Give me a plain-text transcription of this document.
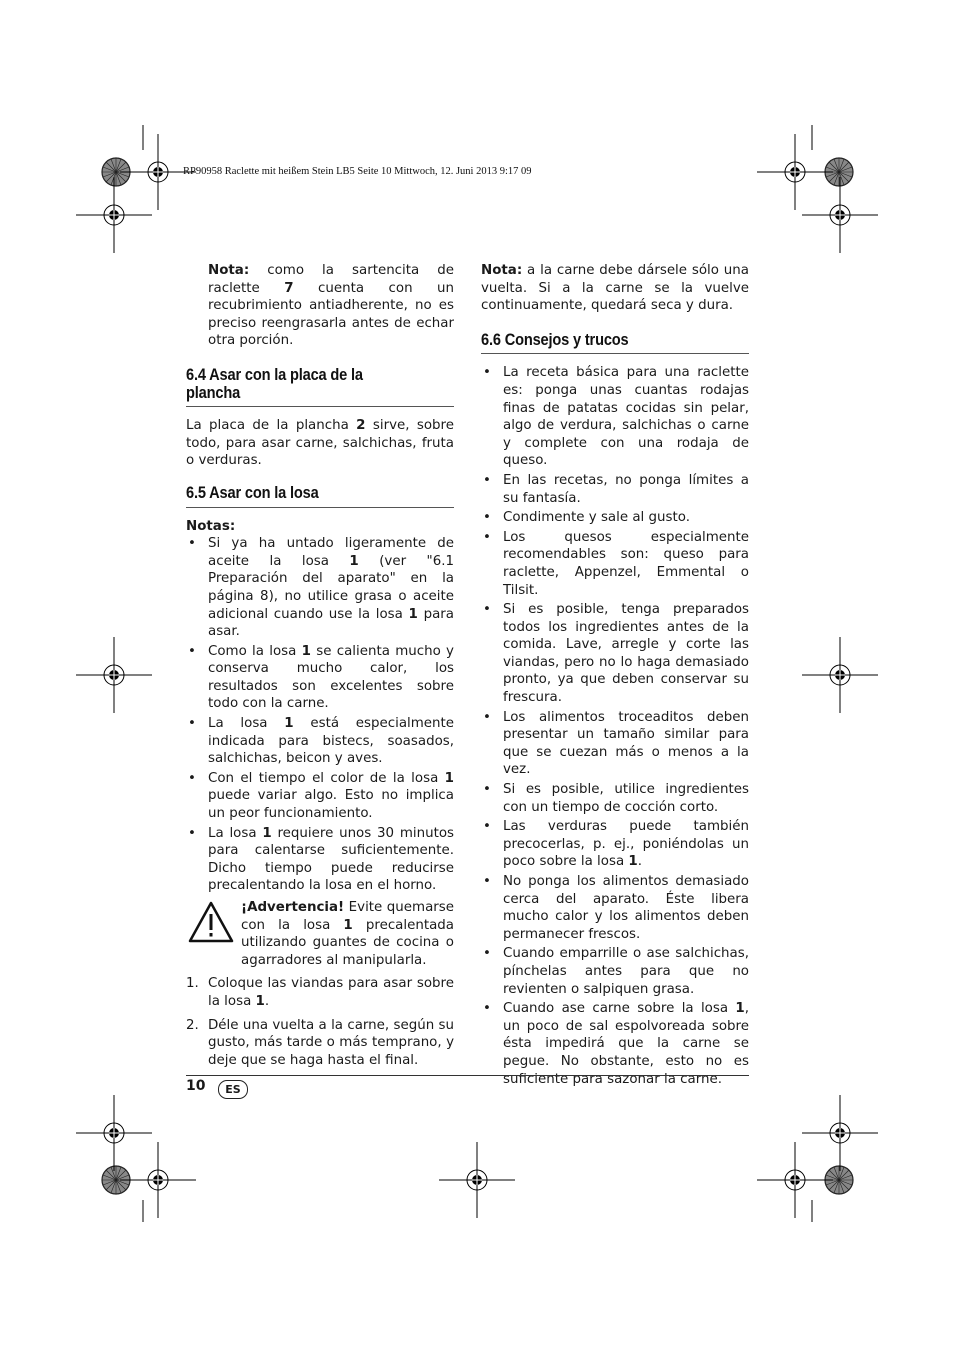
RP90958 Raclette mit heißem Stein LB5 Seite 10 Mittwoch, 12. Juni 2013 9:17 09

Nota: como la sartencita de raclette 7 cuenta con un recubrimiento antiadherente, no es preciso reengrasarla antes de echar otra porción.

6.4 Asar con la placa de la plancha

La placa de la plancha 2 sirve, sobre todo, para asar carne, salchichas, fruta o verduras.

6.5 Asar con la losa

Notas:

• Si ya ha untado ligeramente de aceite la losa 1 (ver "6.1 Preparación del aparato" en la página 8), no utilice grasa o aceite adicional cuando use la losa 1 para asar.
• Como la losa 1 se calienta mucho y conserva mucho calor, los resultados son excelentes sobre todo con la carne.
• La losa 1 está especialmente indicada para bistecs, soasados, salchichas, beicon y aves.
• Con el tiempo el color de la losa 1 puede variar algo. Esto no implica un peor funcionamiento.
• La losa 1 requiere unos 30 minutos para calentarse suficientemente. Dicho tiempo puede reducirse precalentando la losa en el horno.
¡Advertencia! Evite quemarse con la losa 1 precalentada utilizando guantes de cocina o agarradores al manipularla.
1. Coloque las viandas para asar sobre la losa 1.
2. Déle una vuelta a la carne, según su gusto, más tarde o más temprano, y deje que se haga hasta el final.

Nota: a la carne debe dársele sólo una vuelta. Si a la carne se la vuelve continuamente, quedará seca y dura.

6.6 Consejos y trucos
• La receta básica para una raclette es: ponga unas cuantas rodajas finas de patatas cocidas sin pelar, algo de verdura, salchichas o carne y complete con una rodaja de queso.
• En las recetas, no ponga límites a su fantasía.
• Condimente y sale al gusto.
• Los quesos especialmente recomendables son: queso para raclette, Appenzel, Emmental o Tilsit.
• Si es posible, tenga preparados todos los ingredientes antes de la comida. Lave, arregle y corte las viandas, pero no lo haga demasiado pronto, ya que deben conservar su frescura.
• Los alimentos troceaditos deben presentar un tamaño similar para que se cuezan más o menos a la vez.
• Si es posible, utilice ingredientes con un tiempo de cocción corto.
• Las verduras puede también precocerlas, p. ej., poniéndolas un poco sobre la losa 1.
• No ponga los alimentos demasiado cerca del aparato. Éste libera mucho calor y los alimentos deben permanecer frescos.
• Cuando emparrille o ase salchichas, pínchelas antes para que no revienten o salpiquen grasa.
• Cuando ase carne sobre la losa 1, un poco de sal espolvoreada sobre ésta impedirá que la carne se pegue. No obstante, esto no es suficiente para sazonar la carne.
10	ES
